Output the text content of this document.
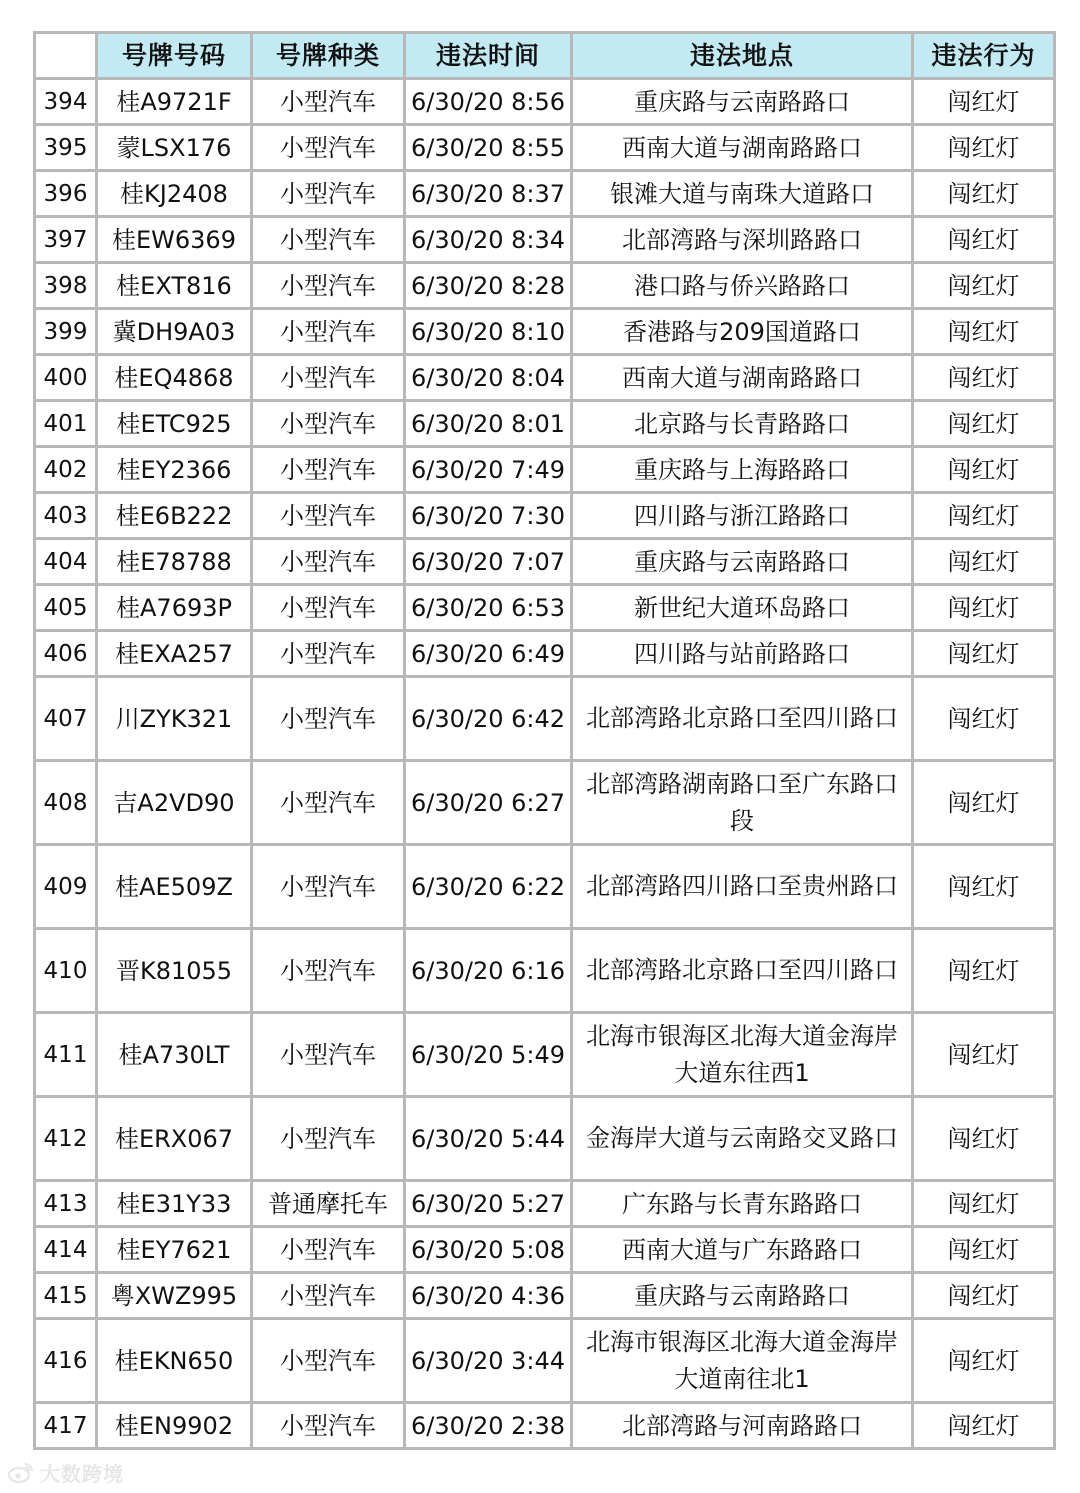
	号牌号码	号牌种类	违法时间	违法地点	违法行为
394	桂A9721F	小型汽车	6/30/20 8:56	重庆路与云南路路口	闯红灯
395	蒙LSX176	小型汽车	6/30/20 8:55	西南大道与湖南路路口	闯红灯
396	桂KJ2408	小型汽车	6/30/20 8:37	银滩大道与南珠大道路口	闯红灯
397	桂EW6369	小型汽车	6/30/20 8:34	北部湾路与深圳路路口	闯红灯
398	桂EXT816	小型汽车	6/30/20 8:28	港口路与侨兴路路口	闯红灯
399	冀DH9A03	小型汽车	6/30/20 8:10	香港路与209国道路口	闯红灯
400	桂EQ4868	小型汽车	6/30/20 8:04	西南大道与湖南路路口	闯红灯
401	桂ETC925	小型汽车	6/30/20 8:01	北京路与长青路路口	闯红灯
402	桂EY2366	小型汽车	6/30/20 7:49	重庆路与上海路路口	闯红灯
403	桂E6B222	小型汽车	6/30/20 7:30	四川路与浙江路路口	闯红灯
404	桂E78788	小型汽车	6/30/20 7:07	重庆路与云南路路口	闯红灯
405	桂A7693P	小型汽车	6/30/20 6:53	新世纪大道环岛路口	闯红灯
406	桂EXA257	小型汽车	6/30/20 6:49	四川路与站前路路口	闯红灯
407	川ZYK321	小型汽车	6/30/20 6:42	北部湾路北京路口至四川路口	闯红灯
408	吉A2VD90	小型汽车	6/30/20 6:27	北部湾路湖南路口至广东路口段	闯红灯
409	桂AE509Z	小型汽车	6/30/20 6:22	北部湾路四川路口至贵州路口	闯红灯
410	晋K81055	小型汽车	6/30/20 6:16	北部湾路北京路口至四川路口	闯红灯
411	桂A730LT	小型汽车	6/30/20 5:49	北海市银海区北海大道金海岸大道东往西1	闯红灯
412	桂ERX067	小型汽车	6/30/20 5:44	金海岸大道与云南路交叉路口	闯红灯
413	桂E31Y33	普通摩托车	6/30/20 5:27	广东路与长青东路路口	闯红灯
414	桂EY7621	小型汽车	6/30/20 5:08	西南大道与广东路路口	闯红灯
415	粤XWZ995	小型汽车	6/30/20 4:36	重庆路与云南路路口	闯红灯
416	桂EKN650	小型汽车	6/30/20 3:44	北海市银海区北海大道金海岸大道南往北1	闯红灯
417	桂EN9902	小型汽车	6/30/20 2:38	北部湾路与河南路路口	闯红灯
大数跨境
